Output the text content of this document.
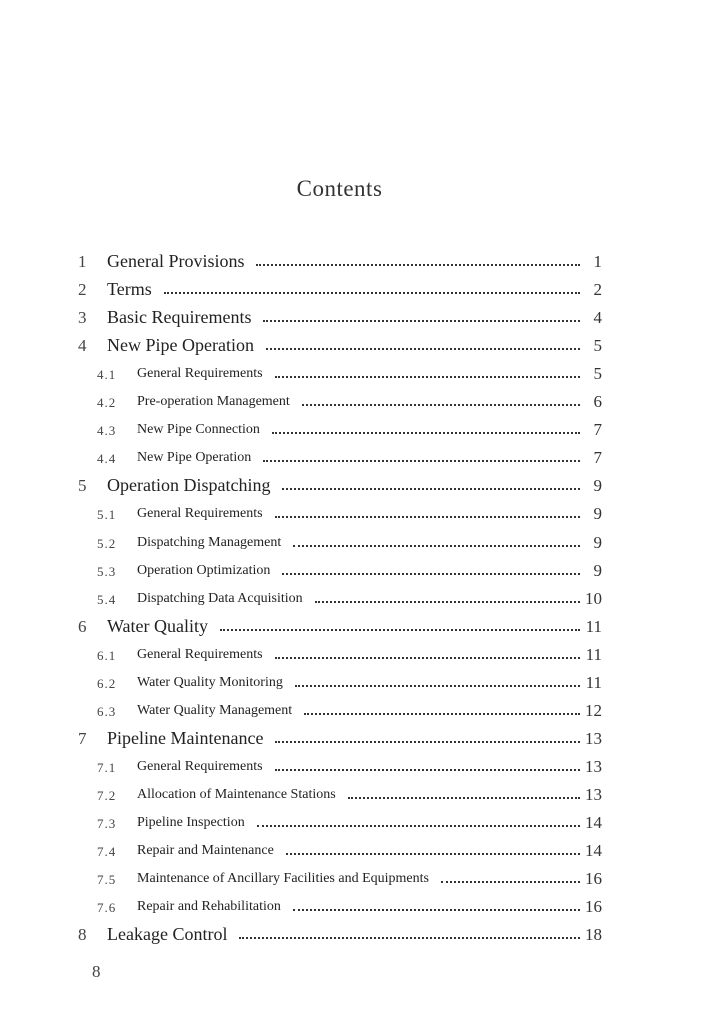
Contents
1 General Provisions	1
2 Terms	2
3 Basic Requirements	4
4 New Pipe Operation	5
4.1 General Requirements	5
4.2 Pre-operation Management	6
4.3 New Pipe Connection	7
4.4 New Pipe Operation	7
5 Operation Dispatching	9
5.1 General Requirements	9
5.2 Dispatching Management	9
5.3 Operation Optimization	9
5.4 Dispatching Data Acquisition	10
6 Water Quality	11
6.1 General Requirements	11
6.2 Water Quality Monitoring	11
6.3 Water Quality Management	12
7 Pipeline Maintenance	13
7.1 General Requirements	13
7.2 Allocation of Maintenance Stations	13
7.3 Pipeline Inspection	14
7.4 Repair and Maintenance	14
7.5 Maintenance of Ancillary Facilities and Equipments	16
7.6 Repair and Rehabilitation	16
8 Leakage Control	18
8
